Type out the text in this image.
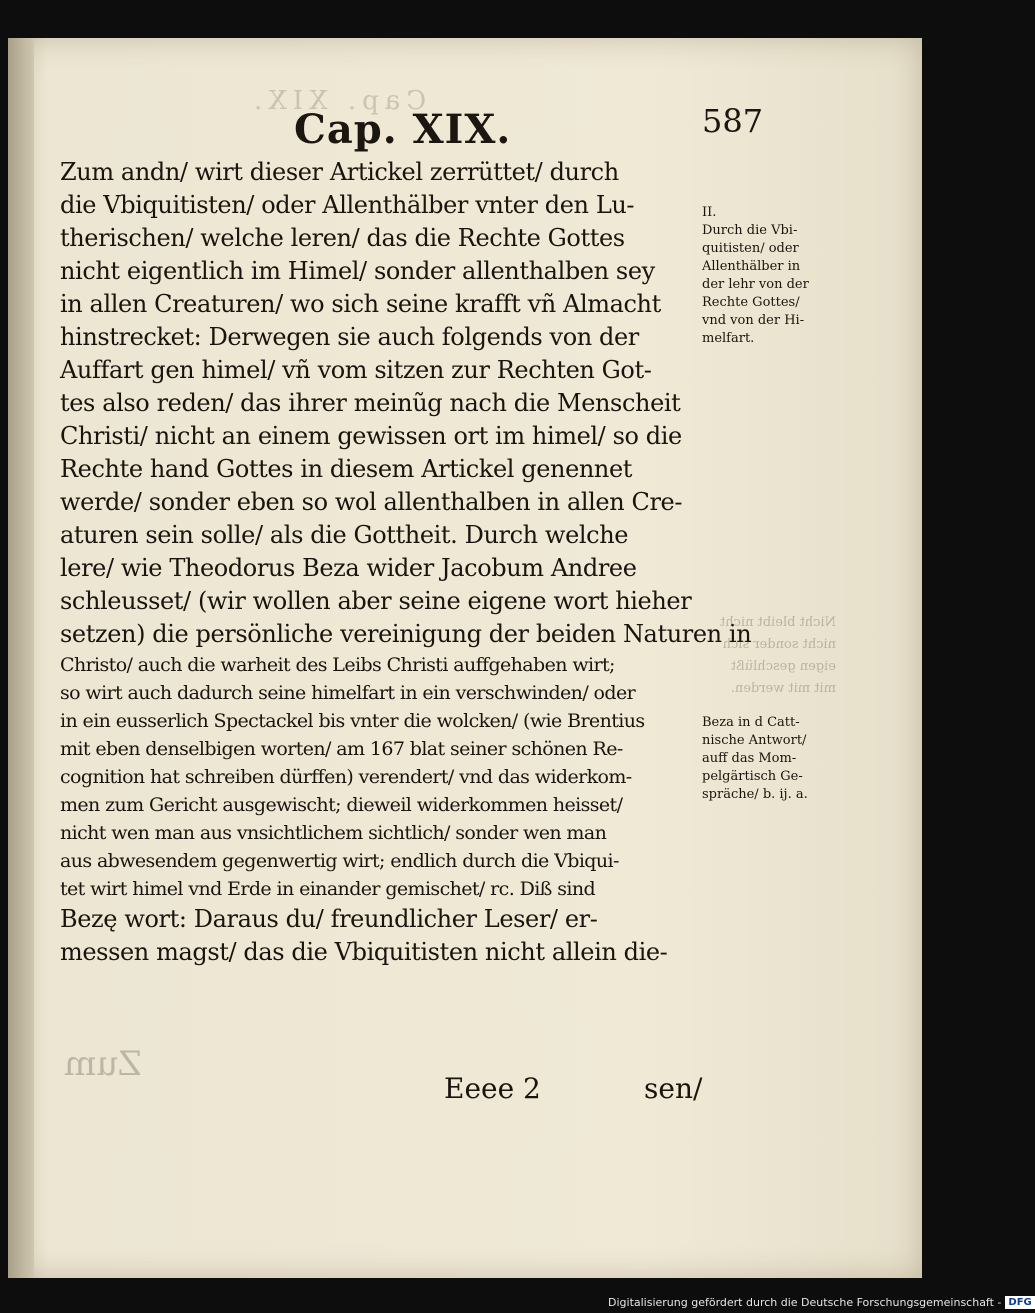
Cap. XIX.
Cap. XIX.	587
Zum andn/ wirt dieser Artickel zerrüttet/ durch
die Vbiquitisten/ oder Allenthälber vnter den Lu-
therischen/ welche leren/ das die Rechte Gottes
nicht eigentlich im Himel/ sonder allenthalben sey
in allen Creaturen/ wo sich seine krafft vñ Almacht
hinstrecket: Derwegen sie auch folgends von der
Auffart gen himel/ vñ vom sitzen zur Rechten Got-
tes also reden/ das ihrer meinũg nach die Menscheit
Christi/ nicht an einem gewissen ort im himel/ so die
Rechte hand Gottes in diesem Artickel genennet
werde/ sonder eben so wol allenthalben in allen Cre-
aturen sein solle/ als die Gottheit. Durch welche
lere/ wie Theodorus Beza wider Jacobum Andree
schleusset/ (wir wollen aber seine eigene wort hieher
setzen) die persönliche vereinigung der beiden Naturen in
Christo/ auch die warheit des Leibs Christi auffgehaben wirt;
so wirt auch dadurch seine himelfart in ein verschwinden/ oder
in ein eusserlich Spectackel bis vnter die wolcken/ (wie Brentius
mit eben denselbigen worten/ am 167 blat seiner schönen Re-
cognition hat schreiben dürffen) verendert/ vnd das widerkom-
men zum Gericht ausgewischt; dieweil widerkommen heisset/
nicht wen man aus vnsichtlichem sichtlich/ sonder wen man
aus abwesendem gegenwertig wirt; endlich durch die Vbiqui-
tet wirt himel vnd Erde in einander gemischet/ rc. Diß sind
Bezę wort: Daraus du/ freundlicher Leser/ er-
messen magst/ das die Vbiquitisten nicht allein die-
II.
Durch die Vbi-
quitisten/ oder
Allenthälber in
der lehr von der
Rechte Gottes/
vnd von der Hi-
melfart.
Nicht bleibt nicht
nicht sonder sich
eigen geschlüßt
mit mit werden.
Beza in d Catt-
nische Antwort/
auff das Mom-
pelgärtisch Ge-
spräche/ b. ij. a.
Zum
Eeee 2	sen/
Digitalisierung gefördert durch die Deutsche Forschungsgemeinschaft - DFG
